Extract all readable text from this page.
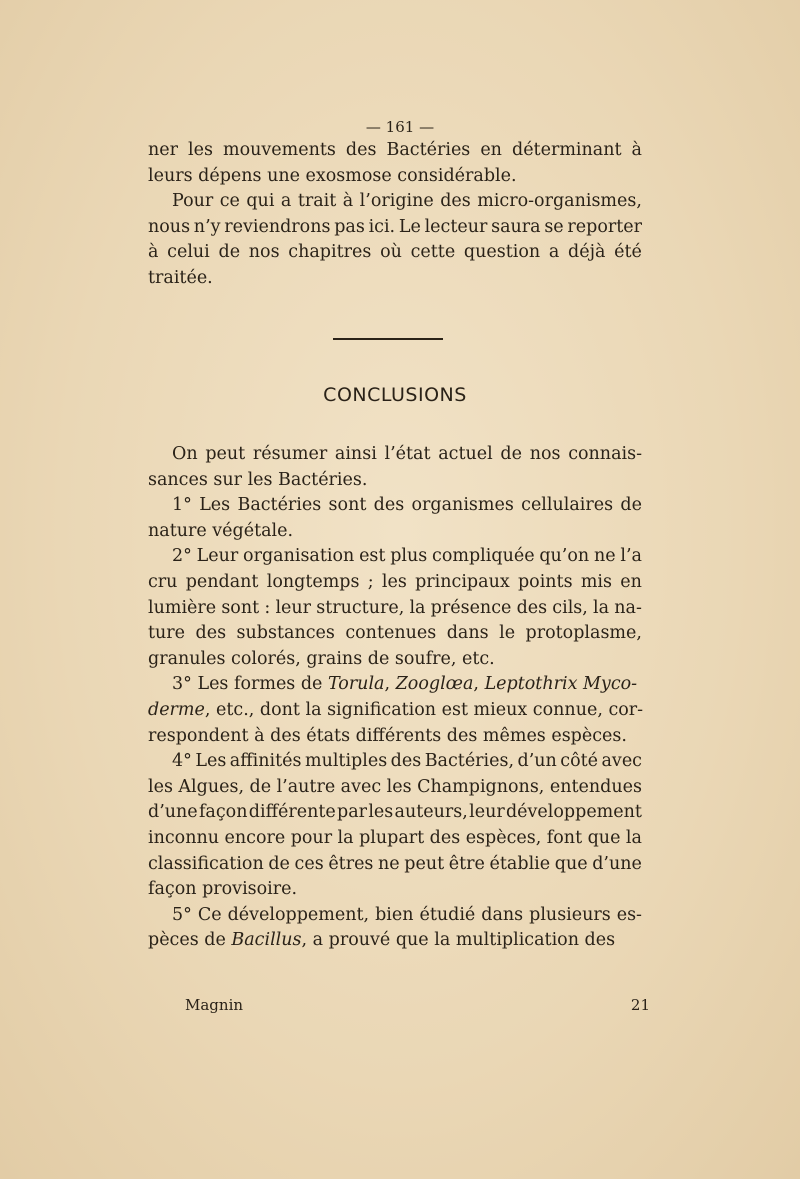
— 161 —
ner les mouvements des Bactéries en déterminant à
leurs dépens une exosmose considérable.
Pour ce qui a trait à l’origine des micro-organismes,
nous n’y reviendrons pas ici. Le lecteur saura se reporter
à celui de nos chapitres où cette question a déjà été
traitée.
CONCLUSIONS
On peut résumer ainsi l’état actuel de nos connais-
sances sur les Bactéries.
1° Les Bactéries sont des organismes cellulaires de
nature végétale.
2° Leur organisation est plus compliquée qu’on ne l’a
cru pendant longtemps ; les principaux points mis en
lumière sont : leur structure, la présence des cils, la na-
ture des substances contenues dans le protoplasme,
granules colorés, grains de soufre, etc.
3° Les formes de Torula , Zooglœa , Leptothrix Myco-
derme , etc., dont la signification est mieux connue, cor-
respondent à des états différents des mêmes espèces.
4° Les affinités multiples des Bactéries, d’un côté avec
les Algues, de l’autre avec les Champignons, entendues
d’une façon différente par les auteurs, leur développement
inconnu encore pour la plupart des espèces, font que la
classification de ces êtres ne peut être établie que d’une
façon provisoire.
5° Ce développement, bien étudié dans plusieurs es-
pèces de Bacillus , a prouvé que la multiplication des
Magnin	21
